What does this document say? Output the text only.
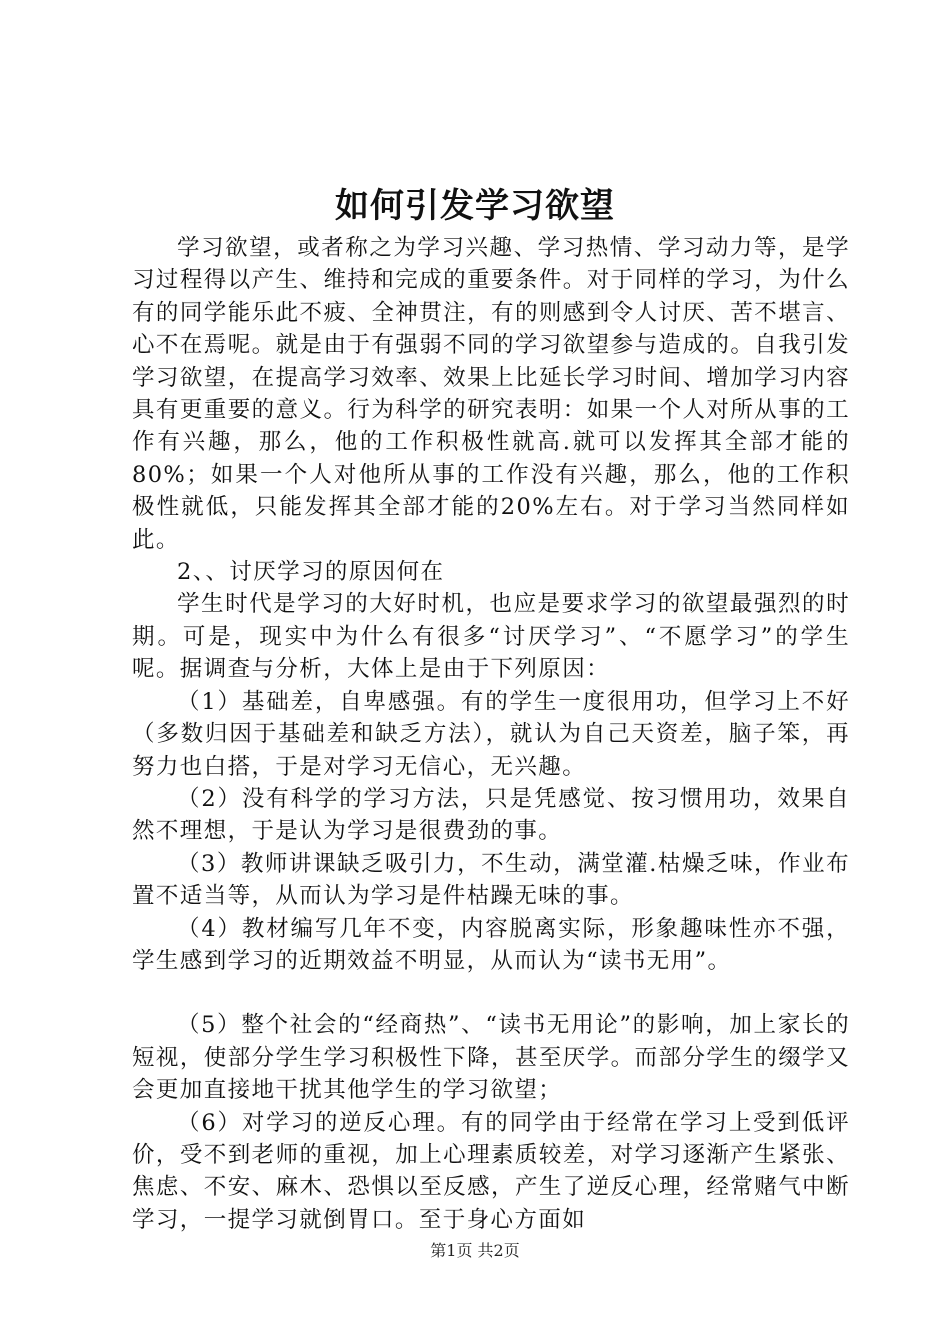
如何引发学习欲望

学习欲望，或者称之为学习兴趣、学习热情、学习动力等，是学习过程得以产生、维持和完成的重要条件。对于同样的学习，为什么有的同学能乐此不疲、全神贯注，有的则感到令人讨厌、苦不堪言、心不在焉呢。就是由于有强弱不同的学习欲望参与造成的。自我引发学习欲望，在提高学习效率、效果上比延长学习时间、增加学习内容具有更重要的意义。行为科学的研究表明：如果一个人对所从事的工作有兴趣，那么，他的工作积极性就高.就可以发挥其全部才能的80%；如果一个人对他所从事的工作没有兴趣，那么，他的工作积极性就低，只能发挥其全部才能的20%左右。对于学习当然同样如此。

2、、讨厌学习的原因何在

学生时代是学习的大好时机，也应是要求学习的欲望最强烈的时期。可是，现实中为什么有很多“讨厌学习”、“不愿学习”的学生呢。据调查与分析，大体上是由于下列原因：

（1）基础差，自卑感强。有的学生一度很用功，但学习上不好（多数归因于基础差和缺乏方法），就认为自己天资差，脑子笨，再努力也白搭，于是对学习无信心，无兴趣。

（2）没有科学的学习方法，只是凭感觉、按习惯用功，效果自然不理想，于是认为学习是很费劲的事。

（3）教师讲课缺乏吸引力，不生动，满堂灌.枯燥乏味，作业布置不适当等，从而认为学习是件枯躁无味的事。

（4）教材编写几年不变，内容脱离实际，形象趣味性亦不强，学生感到学习的近期效益不明显，从而认为“读书无用”。

（5）整个社会的“经商热”、“读书无用论”的影响，加上家长的短视，使部分学生学习积极性下降，甚至厌学。而部分学生的缀学又会更加直接地干扰其他学生的学习欲望；

（6）对学习的逆反心理。有的同学由于经常在学习上受到低评价，受不到老师的重视，加上心理素质较差，对学习逐渐产生紧张、焦虑、不安、麻木、恐惧以至反感，产生了逆反心理，经常赌气中断学习，一提学习就倒胃口。至于身心方面如

第1页 共2页
